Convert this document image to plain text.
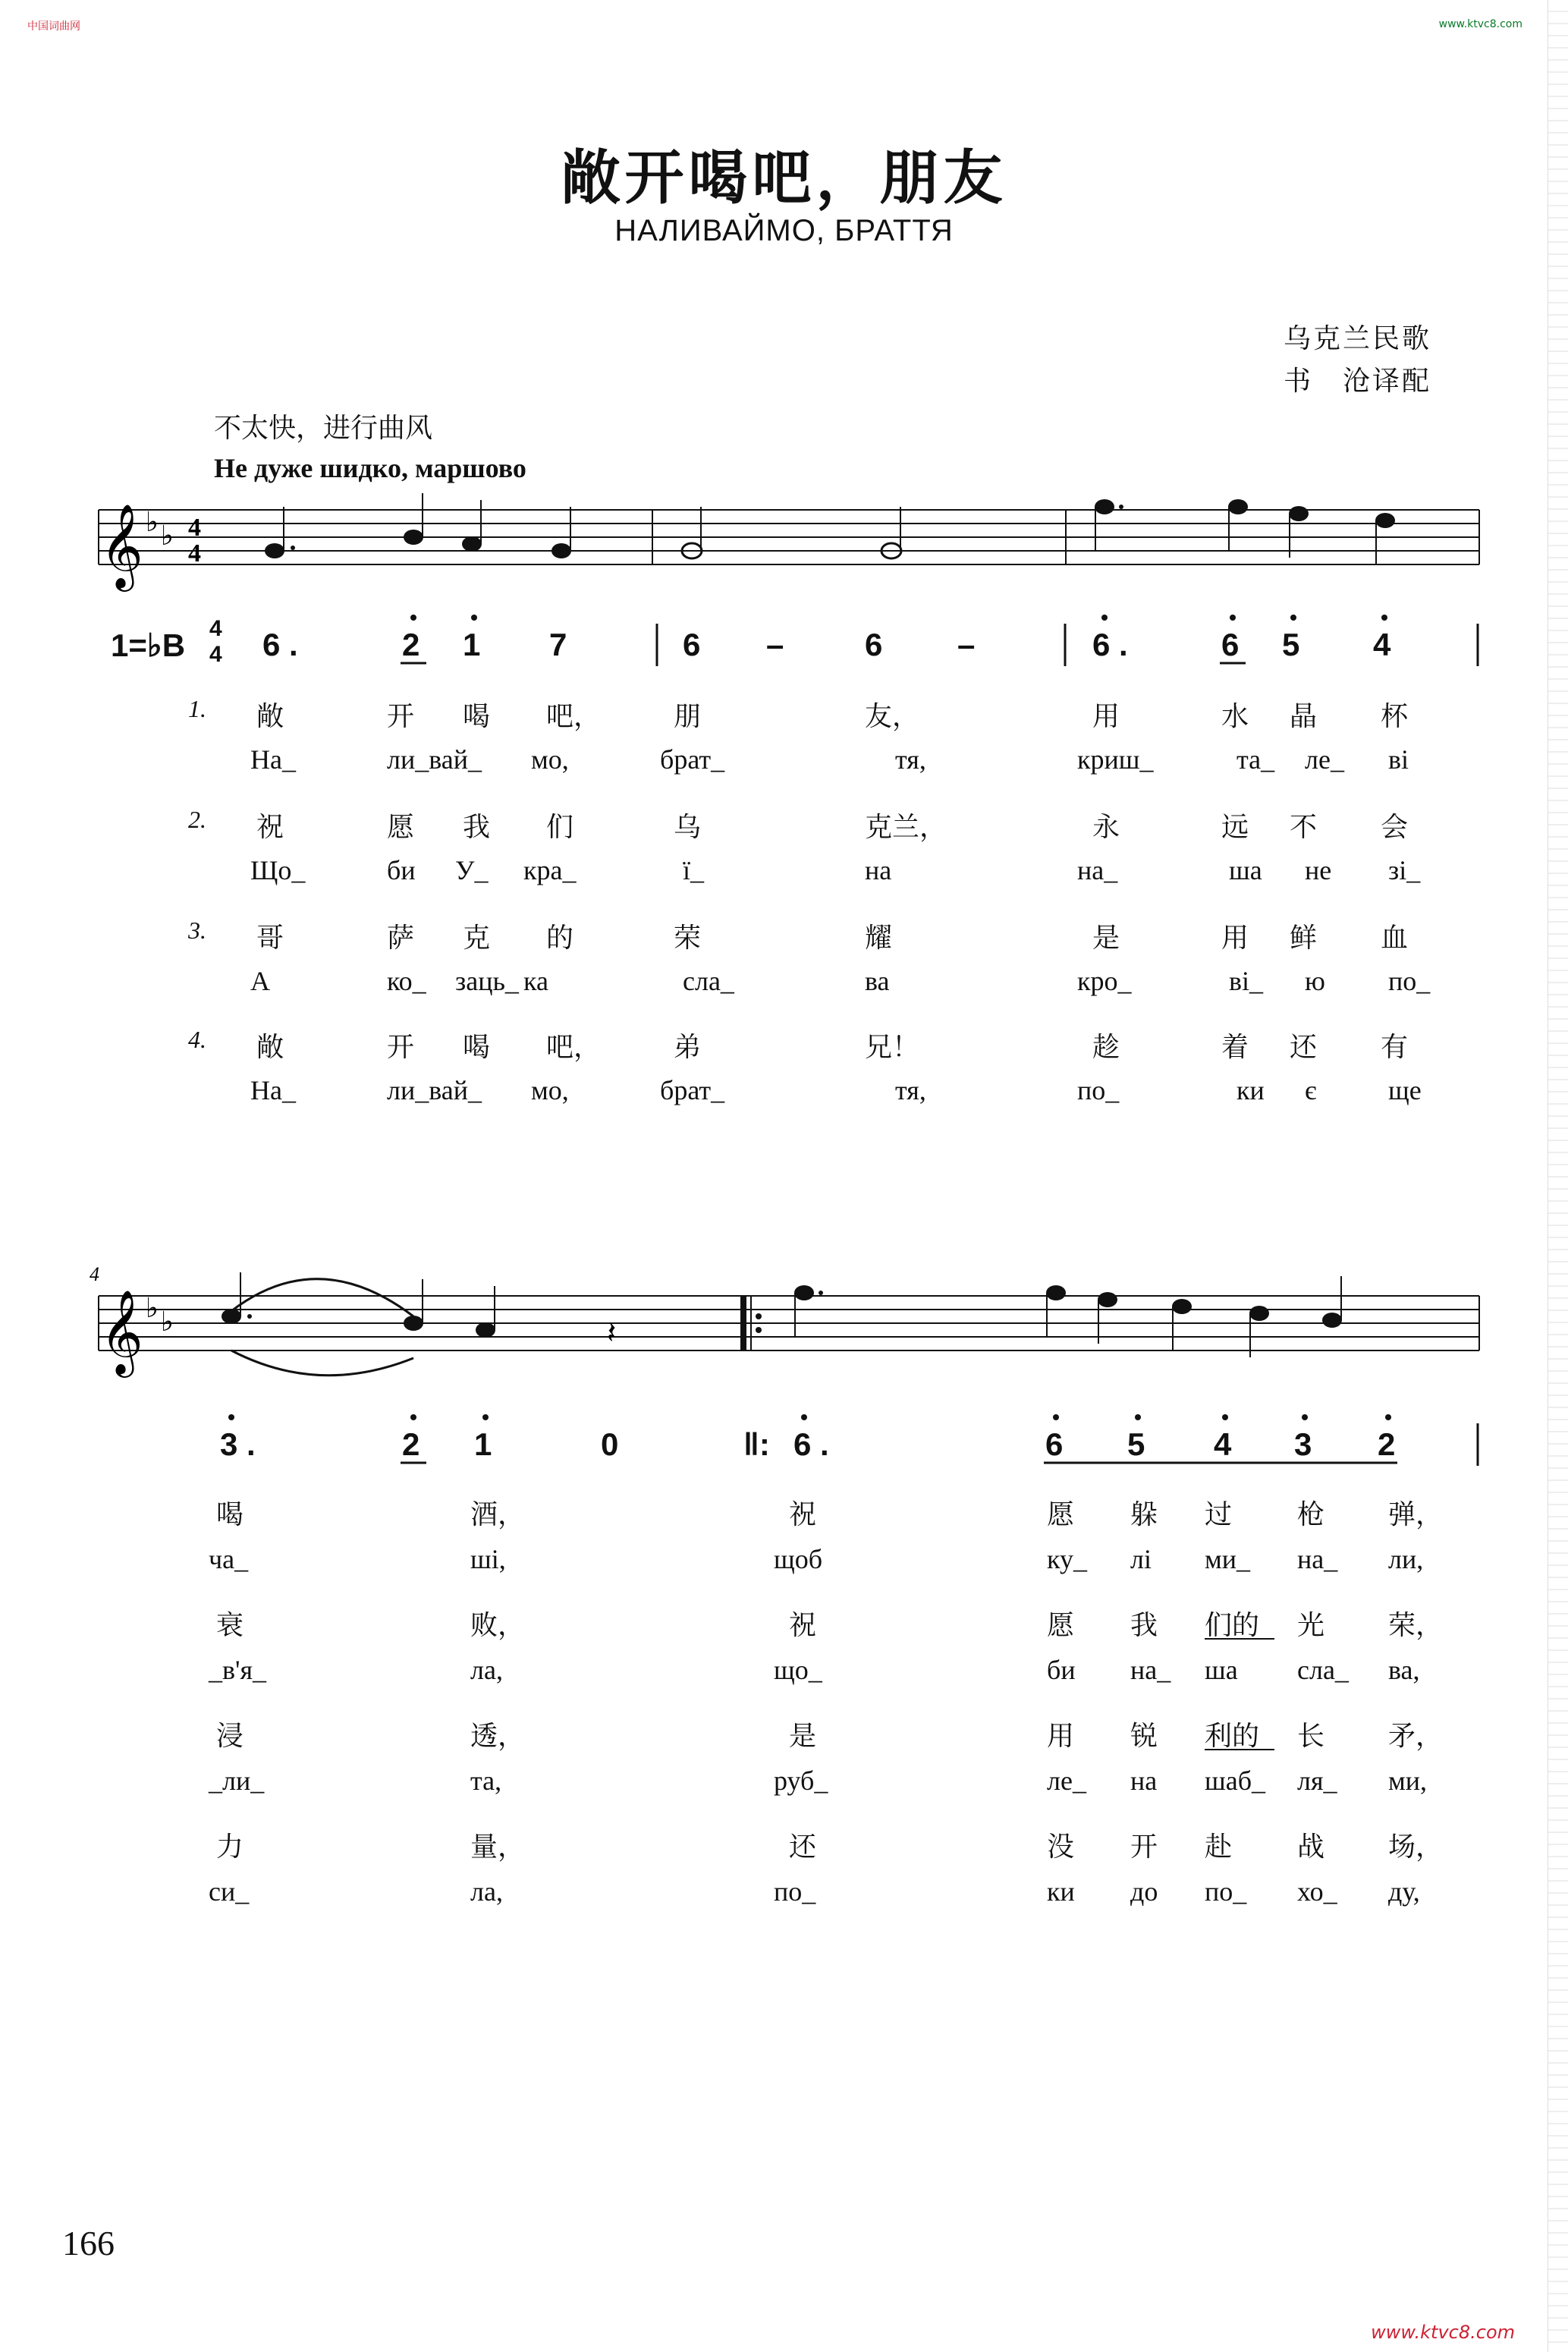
中国词曲网	www.ktvc8.com
敞开喝吧，朋友
НАЛИВАЙМО, БРАТТЯ
乌克兰民歌
书　沧译配
不太快，进行曲风
Не дуже шидко, маршово
𝄞 ♭ ♭ 4
4
𝄞 ♭ ♭
4
𝄽
1=♭B 4
4 6 .	2 1 7	6 –	6 –	6 .	6 5 4
3 .	2 1	0	‖: 6 .	6 5 4 3 2
1.
2.
3.
4.
敞	开 喝 吧，	朋	友，	用	水 晶 杯
На_	ли_вай_ мо,	брат_	тя,	криш_	та_ ле_ ві
祝	愿 我 们	乌	克兰，	永	远 不 会
Що_	би У_ кра_	ї_	на	на_	ша не зі_
哥	萨 克 的	荣	耀	是	用 鲜 血
А	ко_ заць_ ка	сла_	ва	кро_	ві_ ю по_
敞	开 喝 吧，	弟	兄！	趁	着 还 有
На_	ли_вай_ мо,	брат_	тя,	по_	ки є	ще
喝	酒，	祝	愿 躲 过 枪 弹，
ча_	ші,	щоб	ку_ лі ми_ на_ ли,
衰	败，	祝	愿 我 们的 光 荣，
_в'я_	ла,	що_	би на_ ша сла_ ва,
浸	透，	是	用 锐 利的 长 矛，
_ли_	та,	руб_	ле_ на шаб_ ля_ ми,
力	量，	还	没 开 赴 战 场，
си_	ла,	по_	ки до по_ хо_ ду,
166
www.ktvc8.com
